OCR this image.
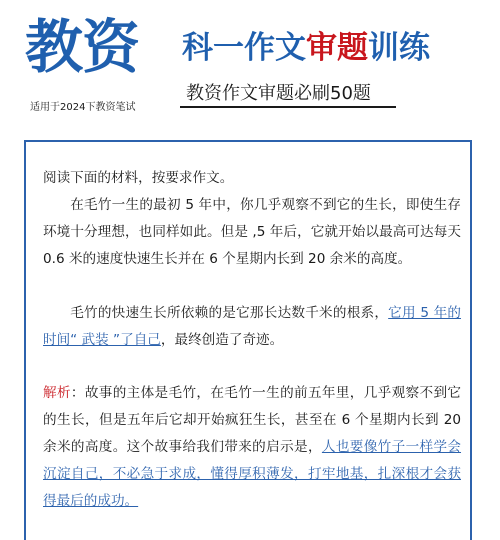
教资 科一作文审题训练
教资作文审题必刷50题
适用于2024下教资笔试
阅读下面的材料，按要求作文。
在毛竹一生的最初 5 年中，你几乎观察不到它的生长，即使生存环境十分理想，也同样如此。但是 ,5 年后，它就开始以最高可达每天 0.6 米的速度快速生长并在 6 个星期内长到 20 余米的高度。
毛竹的快速生长所依赖的是它那长达数千米的根系，它用 5 年的时间“ 武装 ”了自己，最终创造了奇迹。
解析：故事的主体是毛竹，在毛竹一生的前五年里，几乎观察不到它的生长，但是五年后它却开始疯狂生长，甚至在 6 个星期内长到 20 余米的高度。这个故事给我们带来的启示是，人也要像竹子一样学会沉淀自己，不必急于求成，懂得厚积薄发，打牢地基，扎深根才会获得最后的成功。
